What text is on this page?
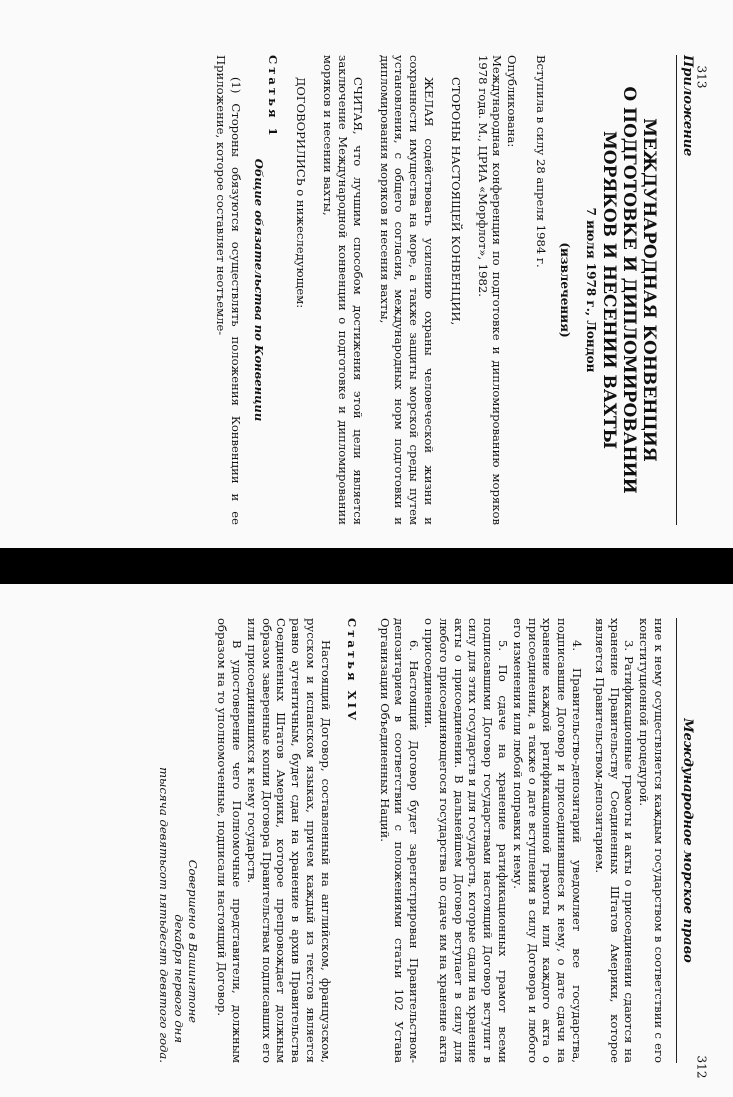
Международное морское право

ние к нему осуществляется каждым государством в соответствии с его конституционной процедурой.

3. Ратификационные грамоты и акты о присоединении сдаются на хранение Правительству Соединенных Штатов Америки, которое является Правительством-депозитарием.

4. Правительство-депозитарий уведомляет все государства, подписавшие Договор и присоединившиеся к нему, о дате сдачи на хранение каждой ратификационной грамоты или каждого акта о присоединении, а также о дате вступления в силу Договора и любого его изменения или любой поправки к нему.

5. По сдаче на хранение ратификационных грамот всеми подписавшими Договор государствами настоящий Договор вступит в силу для этих государств и для государств, которые сдали на хранение акты о присоединении. В дальнейшем Договор вступает в силу для любого присоединяющегося государства по сдаче им на хранение акта о присоединении.

6. Настоящий Договор будет зарегистрирован Правительством-депозитарием в соответствии с положениями статьи 102 Устава Организации Объединенных Наций.

Статья XIV

Настоящий Договор, составленный на английском, французском, русском и испанском языках, причем каждый из текстов является равно аутентичным, будет сдан на хранение в архив Правительства Соединенных Штатов Америки, которое препровождает должным образом заверенные копии Договора Правительствам подписавших его или присоединившихся к нему государств.

В удостоверение чего Полномочные представители, должным образом на то уполномоченные, подписали настоящий Договор.

Совершено в Вашингтоне
декабря первого дня
тысяча девятьсот пятьдесят девятого года.
312
Приложение
МЕЖДУНАРОДНАЯ КОНВЕНЦИЯ
О ПОДГОТОВКЕ И ДИПЛОМИРОВАНИИ
МОРЯКОВ И НЕСЕНИИ ВАХТЫ
7 июля 1978 г., Лондон
(извлечения)

Вступила в силу 28 апреля 1984 г.

Опубликована:

Международная конференция по подготовке и дипломированию моряков 1978 года. М., ЦРИА «Морфлот», 1982.

СТОРОНЫ НАСТОЯЩЕЙ КОНВЕНЦИИ,

ЖЕЛАЯ содействовать усилению охраны человеческой жизни и сохранности имущества на море, а также защиты морской среды путем установления, с общего согласия, международных норм подготовки и дипломирования моряков и несения вахты,

СЧИТАЯ, что лучшим способом достижения этой цели является заключение Международной конвенции о подготовке и дипломировании моряков и несении вахты,

ДОГОВОРИЛИСЬ о нижеследующем:

Статья 1
Общие обязательства по Конвенции

(1) Стороны обязуются осуществлять положения Конвенции и ее Приложение, которое составляет неотъемле-	313
